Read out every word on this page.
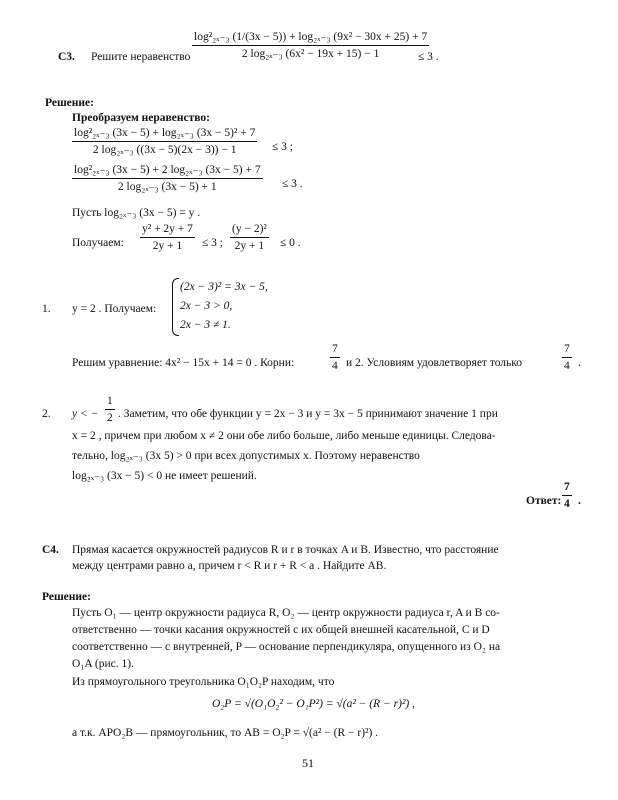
С3. Решите неравенство $\frac{\text{log²₂ₓ₋₃ (1/(3x − 5)) + log₂ₓ₋₃ (9x² − 30x + 25) + 7}}{\text{2 log₂ₓ₋₃ (6x² − 19x + 15) − 1}}$
≤ 3 .
Решение:
Преобразуем неравенство:
$\frac{\text{log²₂ₓ₋₃ (3x − 5) + log₂ₓ₋₃ (3x − 5)² + 7}}{\text{2 log₂ₓ₋₃ ((3x − 5)(2x − 3)) − 1}} \le 3$ ;
$\frac{\text{log²₂ₓ₋₃ (3x − 5) + 2 log₂ₓ₋₃ (3x − 5) + 7}}{\text{2 log₂ₓ₋₃ (3x − 5) + 1}} \le 3$ .
Пусть log₂ₓ₋₃ (3x − 5) = y .
Получаем: $\frac{\text{y² + 2y + 7}}{2y + 1} \le 3$ ; $\frac{\text{(y − 2)²}}{2y + 1} \le 0$ .
1. y = 2 . Получаем:
(2x − 3)² = 3x − 5,
2x − 3 > 0,
2x − 3 ≠ 1.
Решим уравнение: 4x² − 15x + 14 = 0 . Корни:	$\frac{7}{4}$ и 2. Условиям удовлетворяет только	$\frac{7}{4}$ .
2. y < − $\frac{1}{2}$ . Заметим, что обе функции y = 2x − 3 и y = 3x − 5 принимают значение 1 при
x = 2 , причем при любом x ≠ 2 они обе либо больше, либо меньше единицы. Следова-
тельно, log₂ₓ₋₃ (3x 5) > 0 при всех допустимых x. Поэтому неравенство
log₂ₓ₋₃ (3x − 5) < 0 не имеет решений.
Ответ: $\frac{7}{4}$ .
С4. Прямая касается окружностей радиусов R и r в точках A и B. Известно, что расстояние
между центрами равно a, причем r < R и r + R < a . Найдите AB.
Решение:
Пусть O₁ — центр окружности радиуса R, O₂ — центр окружности радиуса r, A и B со-
ответственно — точки касания окружностей с их общей внешней касательной, C и D
соответственно — с внутренней, P — основание перпендикуляра, опущенного из O₂ на
O₁A (рис. 1).
Из прямоугольного треугольника O₁O₂P находим, что
O₂P = √(O₁O₂² − O₁P²) = √(a² − (R − r)²) ,
а т.к. APO₂B — прямоугольник, то AB = O₂P = √(a² − (R − r)²) .
51
